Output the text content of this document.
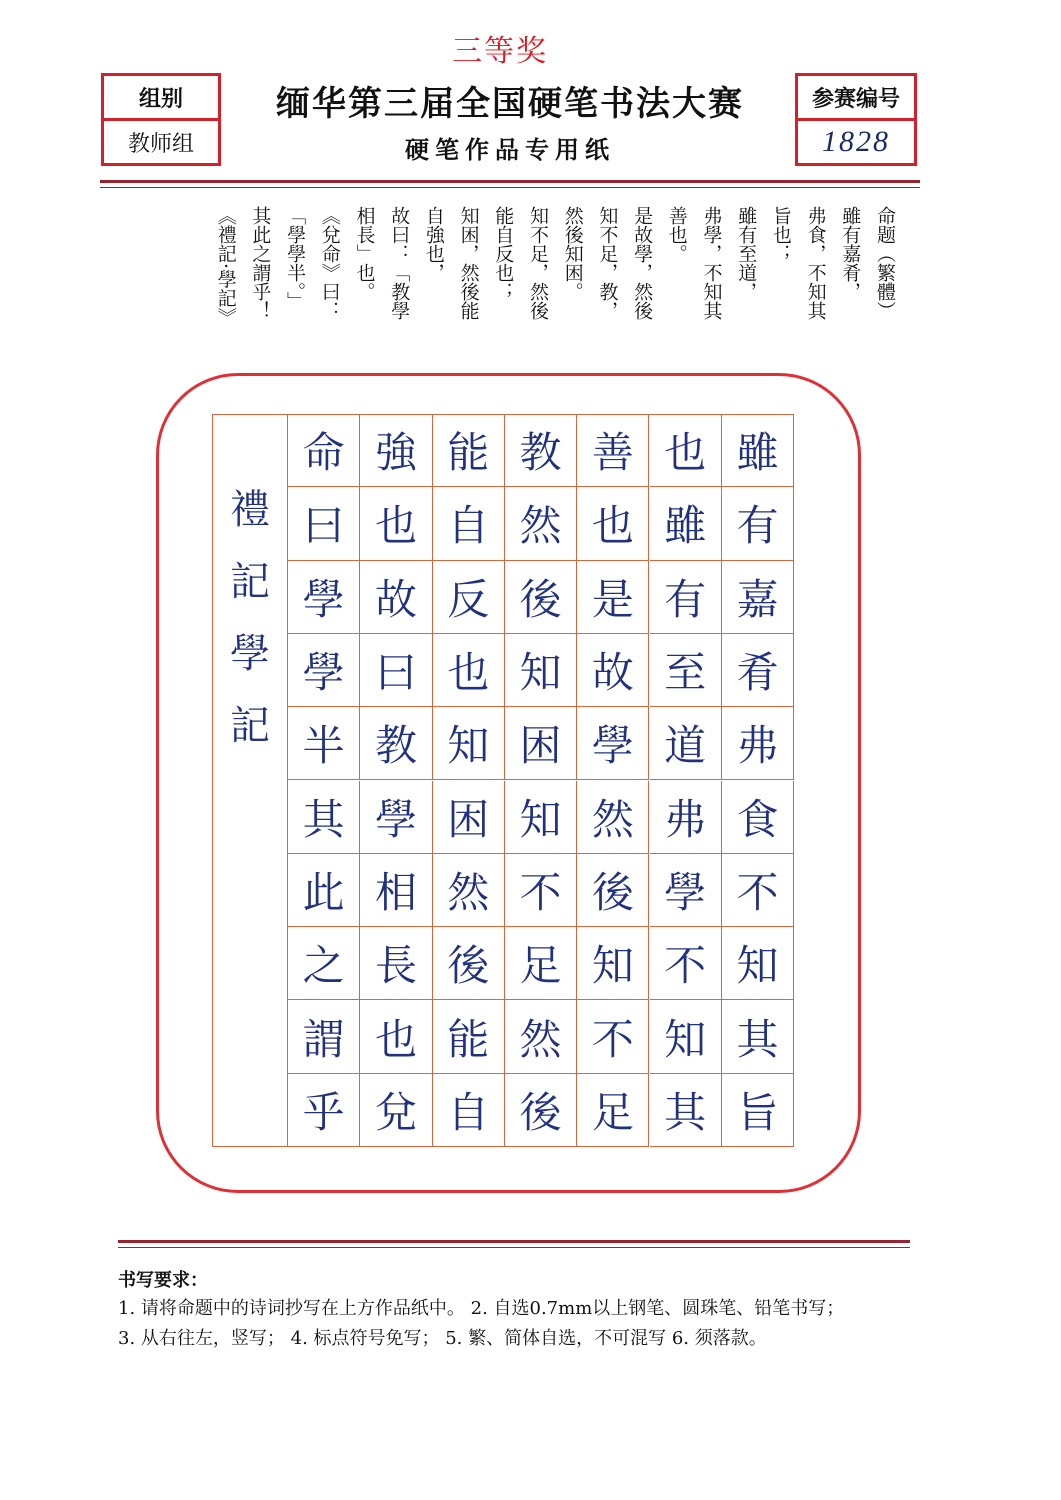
三等奖
组别
教师组
缅华第三届全国硬笔书法大赛
硬笔作品专用纸
参赛编号
1828
命题（繁體）
雖有嘉肴，
弗食，不知其
旨也；
雖有至道，
弗學，不知其
善也。
是故學，然後
知不足，教，
然後知困。
知不足，然後
能自反也；
知困，然後能
自強也，
故曰：「教學
相長」也。
《兌命》曰：
「學學半。」
其此之謂乎！
《禮記·學記》
雖
有
嘉
肴
弗
食
不
知
其
旨
也
雖
有
至
道
弗
學
不
知
其
善
也
是
故
學
然
後
知
不
足
教
然
後
知
困
知
不
足
然
後
能
自
反
也
知
困
然
後
能
自
強
也
故
曰
教
學
相
長
也
兌
命
曰
學
學
半
其
此
之
謂
乎
禮
記
學
記
书写要求：
1. 请将命题中的诗词抄写在上方作品纸中。 2. 自选0.7mm以上钢笔、圆珠笔、铅笔书写；
3. 从右往左，竖写； 4. 标点符号免写； 5. 繁、简体自选，不可混写 6. 须落款。
